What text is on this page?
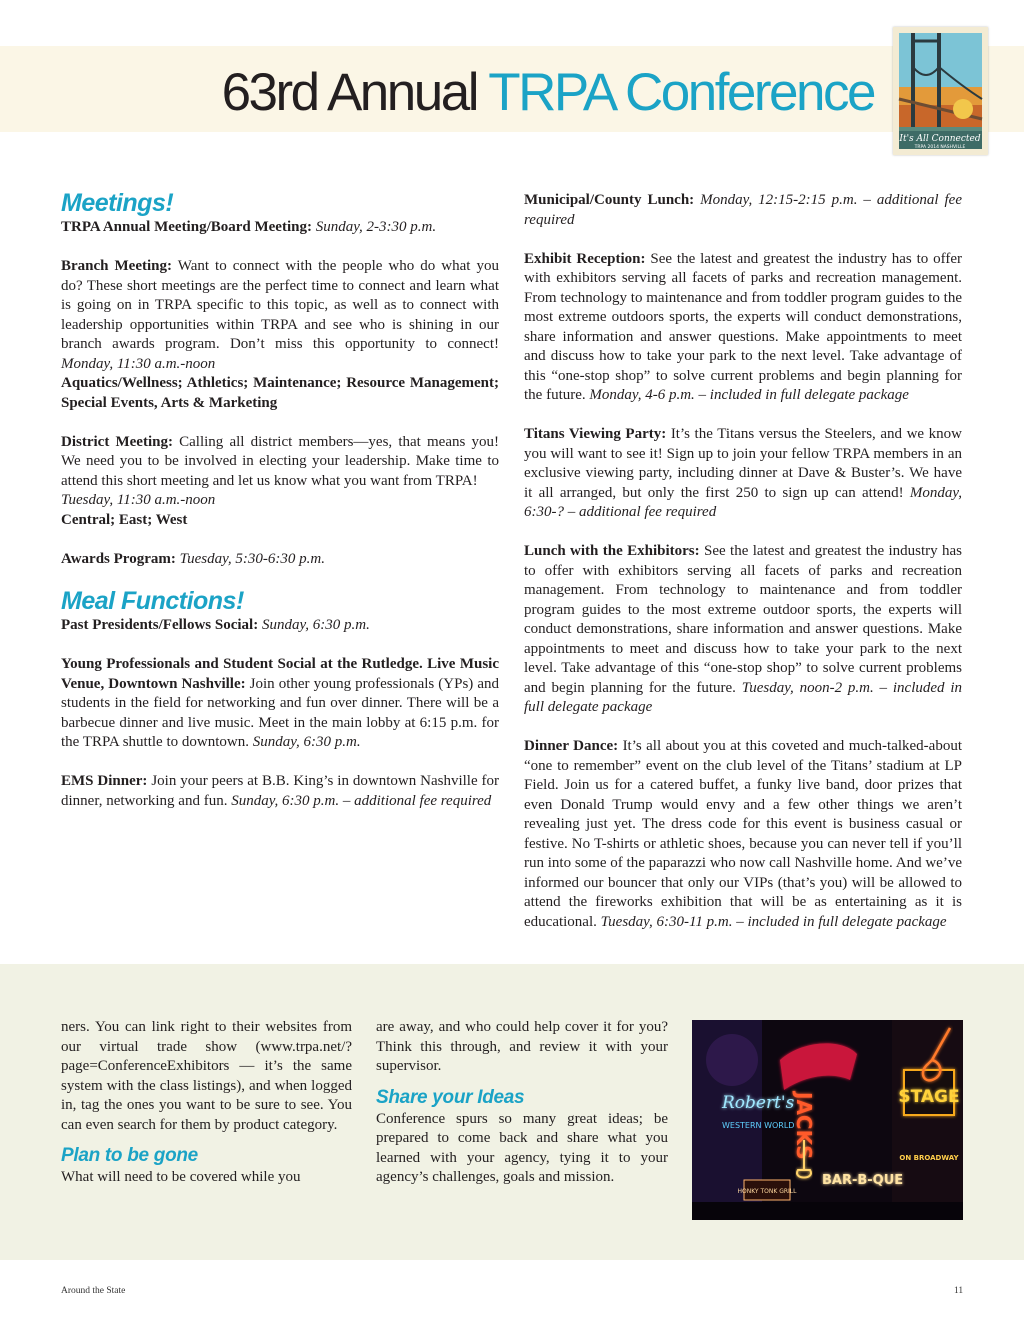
63rd Annual TRPA Conference
It's All Connected
TRPA 2014 NASHVILLE
Meetings!

TRPA Annual Meeting/Board Meeting: Sunday, 2-3:30 p.m.

Branch Meeting: Want to connect with the people who do what you do? These short meetings are the perfect time to connect and learn what is going on in TRPA specific to this topic, as well as to connect with leadership opportunities within TRPA and see who is shining in our branch awards program. Don’t miss this opportunity to connect! Monday, 11:30 a.m.-noon

Aquatics/Wellness; Athletics; Maintenance; Resource Management; Special Events, Arts & Marketing

District Meeting: Calling all district members—yes, that means you! We need you to be involved in electing your leadership. Make time to attend this short meeting and let us know what you want from TRPA!

Tuesday, 11:30 a.m.-noon

Central; East; West

Awards Program: Tuesday, 5:30-6:30 p.m.

Meal Functions!

Past Presidents/Fellows Social: Sunday, 6:30 p.m.

Young Professionals and Student Social at the Rutledge. Live Music Venue, Downtown Nashville: Join other young professionals (YPs) and students in the field for networking and fun over dinner. There will be a barbecue dinner and live music. Meet in the main lobby at 6:15 p.m. for the TRPA shuttle to downtown. Sunday, 6:30 p.m.

EMS Dinner: Join your peers at B.B. King’s in downtown Nashville for dinner, networking and fun. Sunday, 6:30 p.m. – additional fee required

Municipal/County Lunch: Monday, 12:15-2:15 p.m. – additional fee required

Exhibit Reception: See the latest and greatest the industry has to offer with exhibitors serving all facets of parks and recreation management. From technology to maintenance and from toddler program guides to the most extreme outdoors sports, the experts will conduct demonstrations, share information and answer questions. Make appointments to meet and discuss how to take your park to the next level. Take advantage of this “one-stop shop” to solve current problems and begin planning for the future. Monday, 4-6 p.m. – included in full delegate package

Titans Viewing Party: It’s the Titans versus the Steelers, and we know you will want to see it! Sign up to join your fellow TRPA members in an exclusive viewing party, including dinner at Dave & Buster’s. We have it all arranged, but only the first 250 to sign up can attend! Monday, 6:30-? – additional fee required

Lunch with the Exhibitors: See the latest and greatest the industry has to offer with exhibitors serving all facets of parks and recreation management. From technology to maintenance and from toddler program guides to the most extreme outdoor sports, the experts will conduct demonstrations, share information and answer questions. Make appointments to meet and discuss how to take your park to the next level. Take advantage of this “one-stop shop” to solve current problems and begin planning for the future. Tuesday, noon-2 p.m. – included in full delegate package

Dinner Dance: It’s all about you at this coveted and much-talked-about “one to remember” event on the club level of the Titans’ stadium at LP Field. Join us for a catered buffet, a funky live band, door prizes that even Donald Trump would envy and a few other things we aren’t revealing just yet. The dress code for this event is business casual or festive. No T-shirts or athletic shoes, because you can never tell if you’ll run into some of the paparazzi who now call Nashville home. And we’ve informed our bouncer that only our VIPs (that’s you) will be allowed to attend the fireworks exhibition that will be as entertaining as it is educational. Tuesday, 6:30-11 p.m. – included in full delegate package

ners. You can link right to their websites from our virtual trade show (www.trpa.net/?page=ConferenceExhibitors — it’s the same system with the class listings), and when logged in, tag the ones you want to be sure to see. You can even search for them by product category.

Plan to be gone

What will need to be covered while you

are away, and who could help cover it for you? Think this through, and review it with your supervisor.

Share your Ideas

Conference spurs so many great ideas; be prepared to come back and share what you learned with your agency, tying it to your agency’s challenges, goals and mission.

Robert's
WESTERN WORLD
JACKS
BAR-B-QUE
HONKY TONK GRILL
STAGE
ON BROADWAY
Around the State	11
